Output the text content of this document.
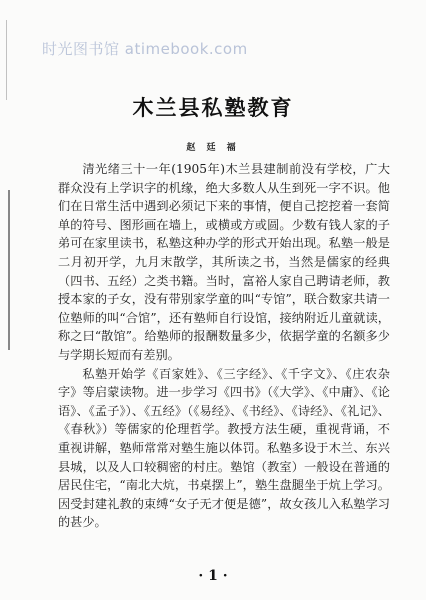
时光图书馆 atimebook.com
木兰县私塾教育
赵 廷 福

清光绪三十一年(1905年)木兰县建制前没有学校，广大群众没有上学识字的机缘，绝大多数人从生到死一字不识。他们在日常生活中遇到必须记下来的事情，便自己挖挖着一套简单的符号、图形画在墙上，或横或方或圆。少数有钱人家的子弟可在家里读书，私塾这种办学的形式开始出现。私塾一般是二月初开学，九月末散学，其所读之书，当然是儒家的经典（四书、五经）之类书籍。当时，富裕人家自己聘请老师，教授本家的子女，没有带别家学童的叫“专馆”，联合数家共请一位塾师的叫“合馆”，还有塾师自行设馆，接纳附近儿童就读，称之曰“散馆”。给塾师的报酬数量多少，依据学童的名额多少与学期长短而有差别。

私塾开始学《百家姓》、《三字经》、《千字文》、《庄农杂字》等启蒙读物。进一步学习《四书》（《大学》、《中庸》、《论语》、《孟子》）、《五经》（《易经》、《书经》、《诗经》、《礼记》、《春秋》）等儒家的伦理哲学。教授方法生硬，重视背诵，不重视讲解，塾师常常对塾生施以体罚。私塾多设于木兰、东兴县城，以及人口较稠密的村庄。塾馆（教室）一般设在普通的居民住宅，“南北大炕，书桌摆上”，塾生盘腿坐于炕上学习。因受封建礼教的束缚“女子无才便是德”，故女孩儿入私塾学习的甚少。

· 1 ·
